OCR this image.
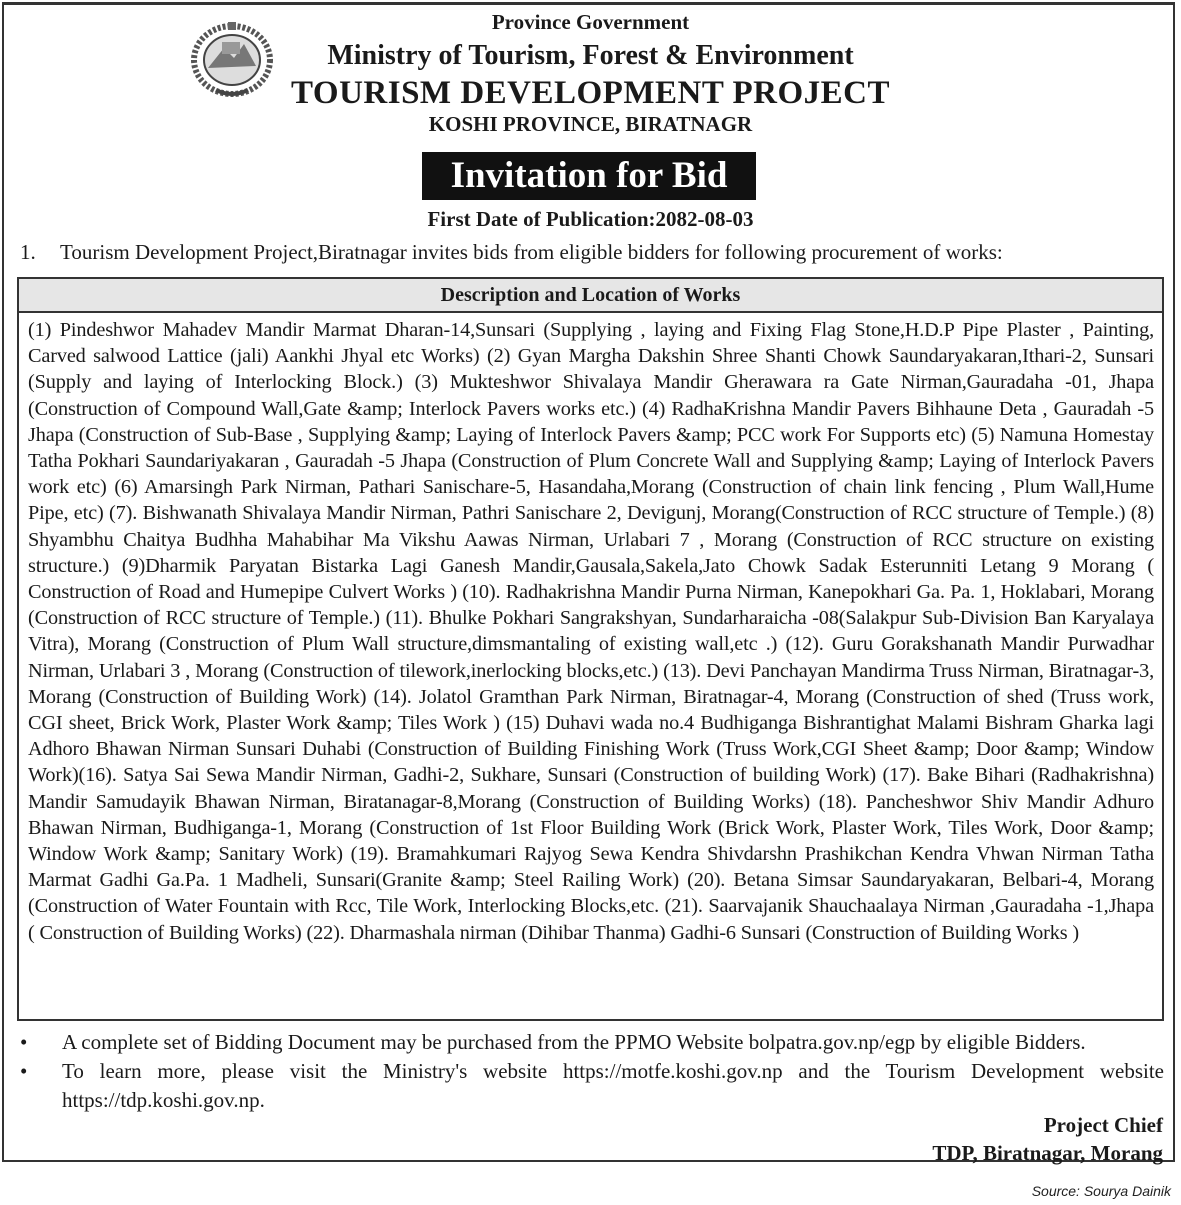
Province Government
Ministry of Tourism, Forest & Environment
TOURISM DEVELOPMENT PROJECT
KOSHI PROVINCE, BIRATNAGR
Invitation for Bid
First Date of Publication:2082-08-03
1. Tourism Development Project,Biratnagar invites bids from eligible bidders for following procurement of works:
Description and Location of Works
(1) Pindeshwor Mahadev Mandir Marmat Dharan-14,Sunsari (Supplying , laying and Fixing Flag Stone,H.D.P Pipe Plaster , Painting, Carved salwood Lattice (jali) Aankhi Jhyal etc Works) (2) Gyan Margha Dakshin Shree Shanti Chowk Saundaryakaran,Ithari-2, Sunsari (Supply and laying of Interlocking Block.) (3) Mukteshwor Shivalaya Mandir Gherawara ra Gate Nirman,Gauradaha -01, Jhapa (Construction of Compound Wall,Gate &amp; Interlock Pavers works etc.) (4) RadhaKrishna Mandir Pavers Bihhaune Deta , Gauradah -5 Jhapa (Construction of Sub-Base , Supplying &amp; Laying of Interlock Pavers &amp; PCC work For Supports etc) (5) Namuna Homestay Tatha Pokhari Saundariyakaran , Gauradah -5 Jhapa (Construction of Plum Concrete Wall and Supplying &amp; Laying of Interlock Pavers work etc) (6) Amarsingh Park Nirman, Pathari Sanischare-5, Hasandaha,Morang (Construction of chain link fencing , Plum Wall,Hume Pipe, etc) (7). Bishwanath Shivalaya Mandir Nirman, Pathri Sanischare 2, Devigunj, Morang(Construction of RCC structure of Temple.) (8) Shyambhu Chaitya Budhha Mahabihar Ma Vikshu Aawas Nirman, Urlabari 7 , Morang (Construction of RCC structure on existing structure.) (9)Dharmik Paryatan Bistarka Lagi Ganesh Mandir,Gausala,Sakela,Jato Chowk Sadak Esterunniti Letang 9 Morang ( Construction of Road and Humepipe Culvert Works ) (10). Radhakrishna Mandir Purna Nirman, Kanepokhari Ga. Pa. 1, Hoklabari, Morang (Construction of RCC structure of Temple.) (11). Bhulke Pokhari Sangrakshyan, Sundarharaicha -08(Salakpur Sub-Division Ban Karyalaya Vitra), Morang (Construction of Plum Wall structure,dimsmantaling of existing wall,etc .) (12). Guru Gorakshanath Mandir Purwadhar Nirman, Urlabari 3 , Morang (Construction of tilework,inerlocking blocks,etc.) (13). Devi Panchayan Mandirma Truss Nirman, Biratnagar-3, Morang (Construction of Building Work) (14). Jolatol Gramthan Park Nirman, Biratnagar-4, Morang (Construction of shed (Truss work, CGI sheet, Brick Work, Plaster Work &amp; Tiles Work ) (15) Duhavi wada no.4 Budhiganga Bishrantighat Malami Bishram Gharka lagi Adhoro Bhawan Nirman Sunsari Duhabi (Construction of Building Finishing Work (Truss Work,CGI Sheet &amp; Door &amp; Window Work)(16). Satya Sai Sewa Mandir Nirman, Gadhi-2, Sukhare, Sunsari (Construction of building Work) (17). Bake Bihari (Radhakrishna) Mandir Samudayik Bhawan Nirman, Biratanagar-8,Morang (Construction of Building Works) (18). Pancheshwor Shiv Mandir Adhuro Bhawan Nirman, Budhiganga-1, Morang (Construction of 1st Floor Building Work (Brick Work, Plaster Work, Tiles Work, Door &amp; Window Work &amp; Sanitary Work) (19). Bramahkumari Rajyog Sewa Kendra Shivdarshn Prashikchan Kendra Vhwan Nirman Tatha Marmat Gadhi Ga.Pa. 1 Madheli, Sunsari(Granite &amp; Steel Railing Work) (20). Betana Simsar Saundaryakaran, Belbari-4, Morang (Construction of Water Fountain with Rcc, Tile Work, Interlocking Blocks,etc. (21). Saarvajanik Shauchaalaya Nirman ,Gauradaha -1,Jhapa ( Construction of Building Works) (22). Dharmashala nirman (Dihibar Thanma) Gadhi-6 Sunsari (Construction of Building Works )
•	A complete set of Bidding Document may be purchased from the PPMO Website bolpatra.gov.np/egp by eligible Bidders.
•	To learn more, please visit the Ministry's website https://motfe.koshi.gov.np and the Tourism Development website https://tdp.koshi.gov.np.
Project Chief
TDP, Biratnagar, Morang
Source: Sourya Dainik
